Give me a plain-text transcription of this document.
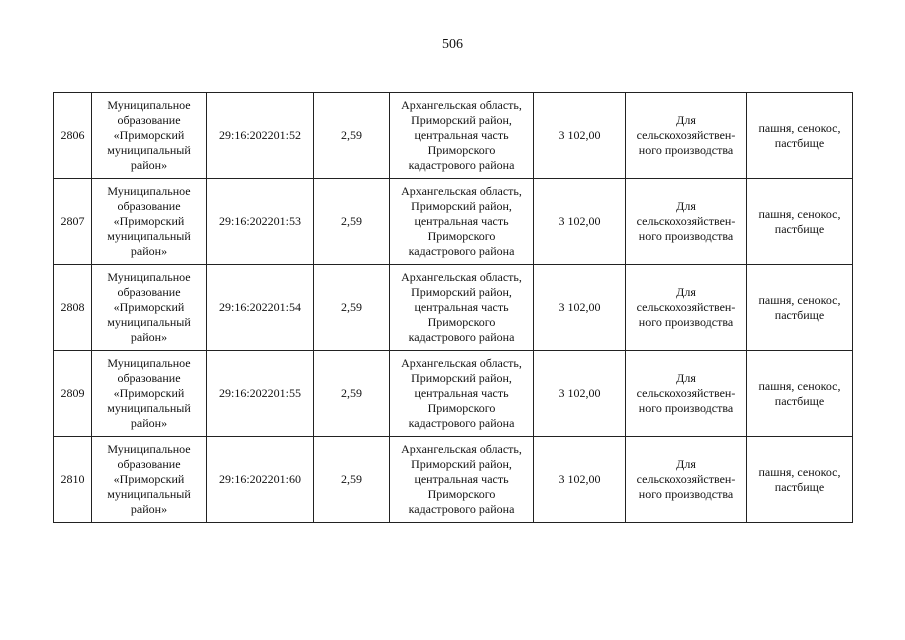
506
2806	Муниципальное
образование
«Приморский
муниципальный
район»	29:16:202201:52	2,59	Архангельская область,
Приморский район,
центральная часть
Приморского
кадастрового района	3 102,00	Для
сельскохозяйствен-
ного производства	пашня, сенокос,
пастбище
2807	Муниципальное
образование
«Приморский
муниципальный
район»	29:16:202201:53	2,59	Архангельская область,
Приморский район,
центральная часть
Приморского
кадастрового района	3 102,00	Для
сельскохозяйствен-
ного производства	пашня, сенокос,
пастбище
2808	Муниципальное
образование
«Приморский
муниципальный
район»	29:16:202201:54	2,59	Архангельская область,
Приморский район,
центральная часть
Приморского
кадастрового района	3 102,00	Для
сельскохозяйствен-
ного производства	пашня, сенокос,
пастбище
2809	Муниципальное
образование
«Приморский
муниципальный
район»	29:16:202201:55	2,59	Архангельская область,
Приморский район,
центральная часть
Приморского
кадастрового района	3 102,00	Для
сельскохозяйствен-
ного производства	пашня, сенокос,
пастбище
2810	Муниципальное
образование
«Приморский
муниципальный
район»	29:16:202201:60	2,59	Архангельская область,
Приморский район,
центральная часть
Приморского
кадастрового района	3 102,00	Для
сельскохозяйствен-
ного производства	пашня, сенокос,
пастбище
